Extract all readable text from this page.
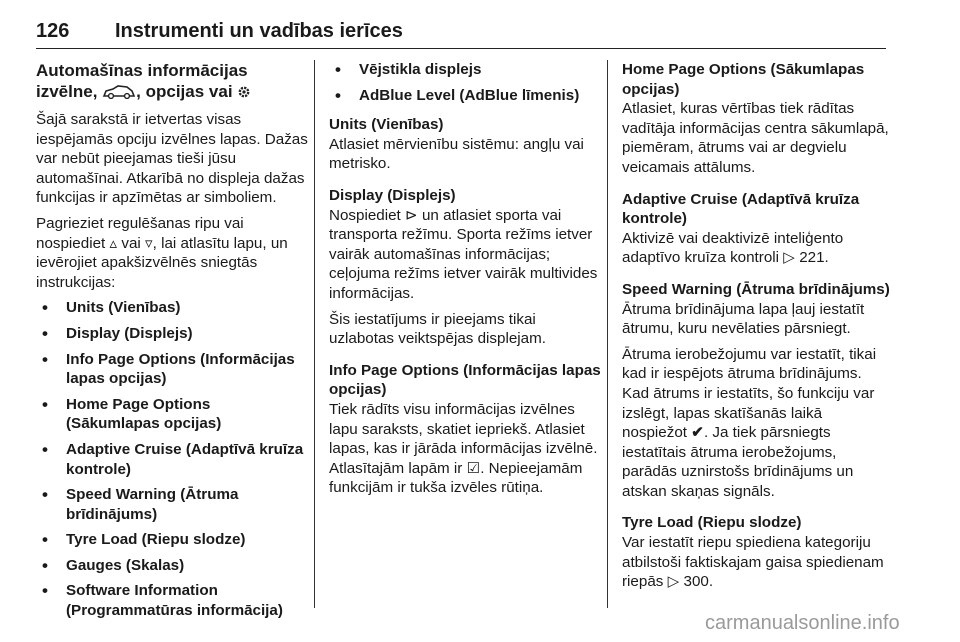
126 Instrumenti un vadības ierīces
Automašīnas informācijas
izvēlne, , opcijas vai

Šajā sarakstā ir ietvertas visas iespējamās opciju izvēlnes lapas. Dažas var nebūt pieejamas tieši jūsu automašīnai. Atkarībā no displeja dažas funkcijas ir apzīmētas ar simboliem.

Pagrieziet regulēšanas ripu vai nospiediet ▵ vai ▿, lai atlasītu lapu, un ievērojiet apakšizvēlnēs sniegtās instrukcijas:

• Units (Vienības)
• Display (Displejs)
• Info Page Options (Informācijas lapas opcijas)
• Home Page Options (Sākumlapas opcijas)
• Adaptive Cruise (Adaptīvā kruīza kontrole)
• Speed Warning (Ātruma brīdinājums)
• Tyre Load (Riepu slodze)
• Gauges (Skalas)
• Software Information (Programmatūras informācija)
• Vējstikla displejs
• AdBlue Level (AdBlue līmenis)
Units (Vienības)
Atlasiet mērvienību sistēmu: angļu vai metrisko.
Display (Displejs)

Nospiediet ⊳ un atlasiet sporta vai transporta režīmu. Sporta režīms ietver vairāk automašīnas informācijas; ceļojuma režīms ietver vairāk multivides informācijas.

Šis iestatījums ir pieejams tikai uzlabotas veiktspējas displejam.

Info Page Options (Informācijas lapas opcijas)

Tiek rādīts visu informācijas izvēlnes lapu saraksts, skatiet iepriekš. Atlasiet lapas, kas ir jārāda informācijas izvēlnē. Atlasītajām lapām ir ☑. Nepieejamām funkcijām ir tukša izvēles rūtiņa.

Home Page Options (Sākumlapas opcijas)
Atlasiet, kuras vērtības tiek rādītas vadītāja informācijas centra sākumlapā, piemēram, ātrums vai ar degvielu veicamais attālums.
Adaptive Cruise (Adaptīvā kruīza kontrole)
Aktivizē vai deaktivizē inteliģento adaptīvo kruīza kontroli ▷ 221.
Speed Warning (Ātruma brīdinājums)

Ātruma brīdinājuma lapa ļauj iestatīt ātrumu, kuru nevēlaties pārsniegt.

Ātruma ierobežojumu var iestatīt, tikai kad ir iespējots ātruma brīdinājums. Kad ātrums ir iestatīts, šo funkciju var izslēgt, lapas skatīšanās laikā nospiežot ✔. Ja tiek pārsniegts iestatītais ātruma ierobežojums, parādās uznirstošs brīdinājums un atskan skaņas signāls.

Tyre Load (Riepu slodze)
Var iestatīt riepu spiediena kategoriju atbilstoši faktiskajam gaisa spiedienam riepās ▷ 300.
carmanualsonline.info
